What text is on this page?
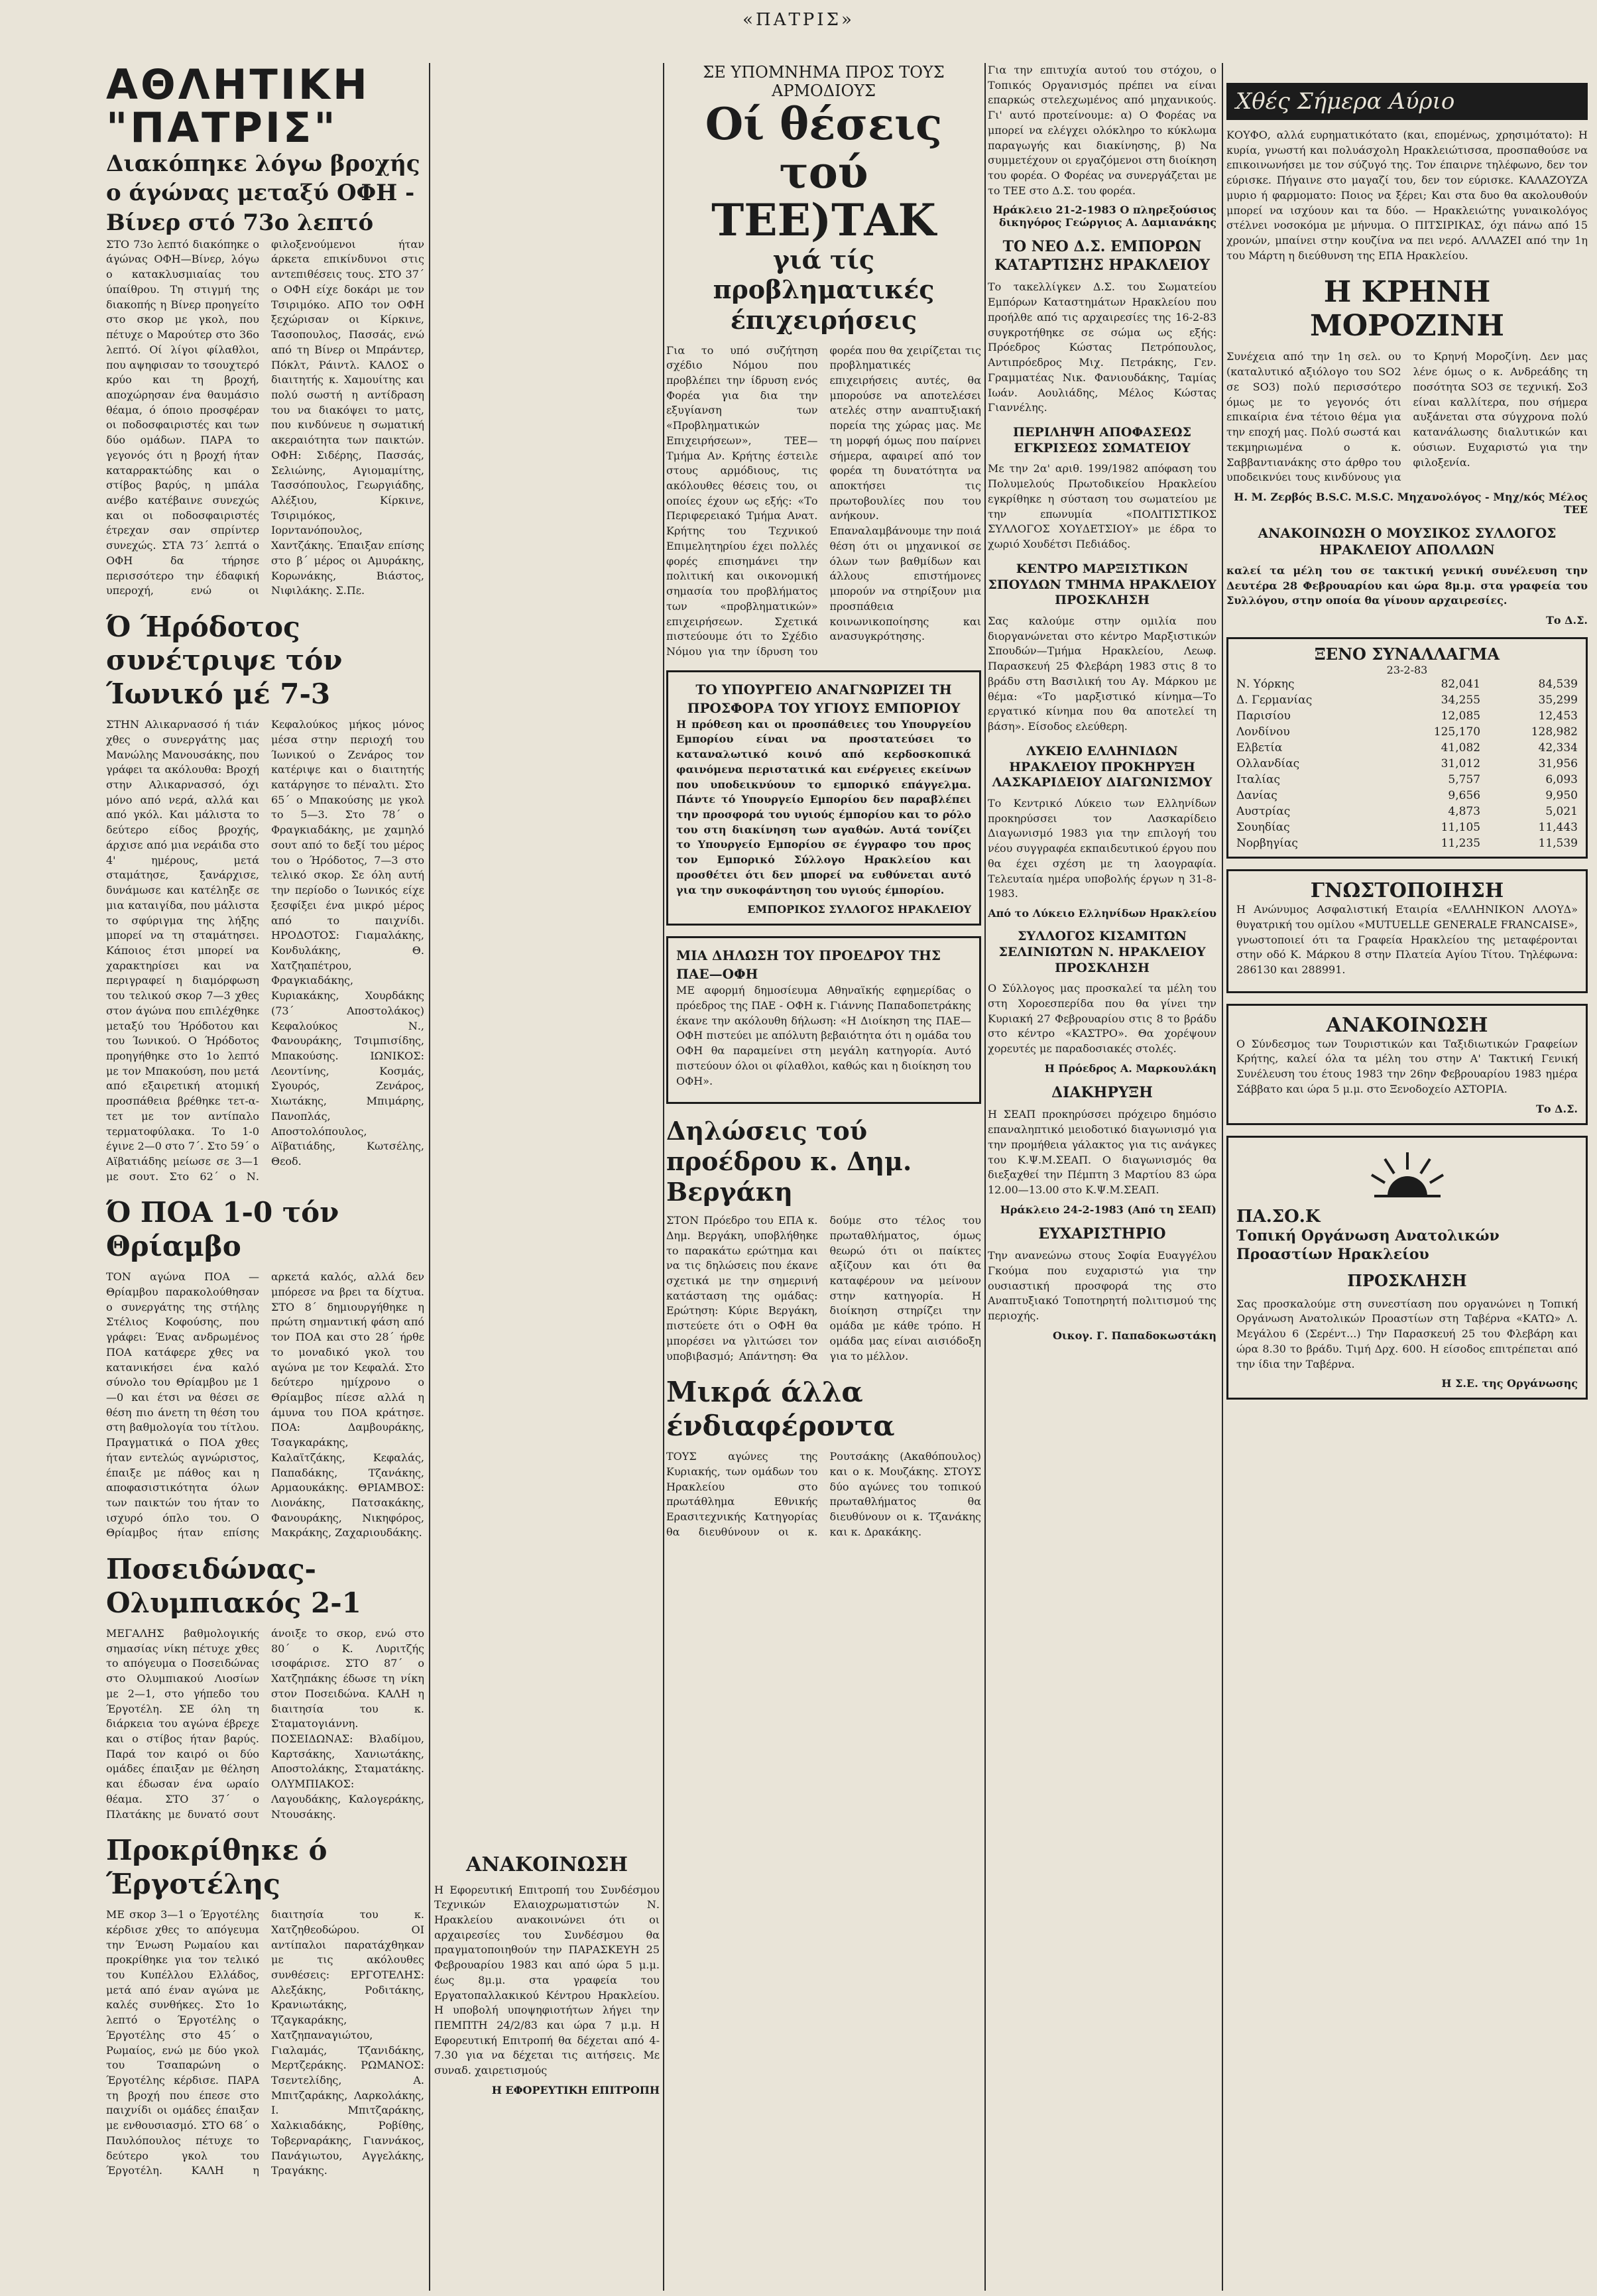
«ΠΑΤΡΙΣ»
ΑΘΛΗΤΙΚΗ "ΠΑΤΡΙΣ"
Διακόπηκε λόγω βροχής ο άγώνας μεταξύ ΟΦΗ - Βίνερ στό 73ο λεπτό

ΣΤΟ 73ο λεπτό διακόπηκε ο άγώνας ΟΦΗ—Βίνερ, λόγω ο κατακλυσμιαίας του ύπαίθρου. Τη στιγμή της διακοπής η Βίνερ προηγείτο στο σκορ με γκολ, που πέτυχε ο Μαρούτερ στο 36ο λεπτό. Οί λίγοι φίλαθλοι, που αψηφισαν το τσουχτερό κρύο και τη βροχή, αποχώρησαν ένα θαυμάσιο θέαμα, ό όποιο προσφέραν οι ποδοσφαιριστές και των δύο ομάδων. ΠΑΡΑ το γεγονός ότι η βροχή ήταν καταρρακτώδης και ο στίβος βαρύς, η μπάλα ανέβο κατέβαινε συνεχώς και οι ποδοσφαιριστές έτρεχαν σαν σπρίντερ συνεχώς. ΣΤΑ 73΄ λεπτά ο ΟΦΗ δα τήρησε περισσότερο την έδαφική υπεροχή, ενώ οι φιλοξενούμενοι ήταν άρκετα επικίνδυνοι στις αντεπιθέσεις τους. ΣΤΟ 37΄ ο ΟΦΗ είχε δοκάρι με τον Τσιριμόκο. ΑΠΟ τον ΟΦΗ ξεχώρισαν οι Κίρκινε, Τασοπουλος, Πασσάς, ενώ από τη Βίνερ οι Μπράντερ, Πόκλτ, Ράιντλ. ΚΑΛΟΣ ο διαιτητής κ. Χαμουίτης και πολύ σωστή η αντίδραση του να διακόψει το ματς, που κινδύνευε η σωματική ακεραιότητα των παικτών. ΟΦΗ: Σιδέρης, Πασσάς, Σελιώνης, Αγιομαμίτης, Τασσόπουλος, Γεωργιάδης, Αλέξιου, Κίρκινε, Τσιριμόκος, Ιορντανόπουλος, Χαντζάκης. Έπαιξαν επίσης στο β΄ μέρος οι Αμυράκης, Κορωνάκης, Βιάστος, Νιφιλάκης. Σ.Πε.

Ό Ήρόδοτος συνέτριψε τόν Ίωνικό μέ 7-3

ΣΤΗΝ Αλικαρνασσό ή τιάν χθες ο συνεργάτης μας Μανώλης Μανουσάκης, που γράφει τα ακόλουθα: Βροχή στην Αλικαρνασσό, όχι μόνο από νερά, αλλά και από γκόλ. Και μάλιστα το δεύτερο είδος βροχής, άρχισε από μια νεράιδα στο 4' ημέρους, μετά σταμάτησε, ξανάρχισε, δυνάμωσε και κατέληξε σε μια καταιγίδα, που μάλιστα το σφύριγμα της λήξης μπορεί να τη σταμάτησει. Κάποιος έτσι μπορεί να χαρακτηρίσει και να περιγραφεί η διαμόρφωση του τελικού σκορ 7—3 χθες στον άγώνα που επιλέχθηκε μεταξύ του Ήρόδοτου και του Ίωνικού. Ο Ήρόδοτος προηγήθηκε στο 1ο λεπτό με τον Μπακούση, που μετά από εξαιρετική ατομική προσπάθεια βρέθηκε τετ-α-τετ με τον αντίπαλο τερματοφύλακα. Το 1-0 έγινε 2—0 στο 7΄. Στο 59΄ ο Αϊβατιάδης μείωσε σε 3—1 με σουτ. Στο 62΄ ο Ν. Κεφαλούκος μήκος μόνος μέσα στην περιοχή του Ίωνικού ο Ζενάρος τον κατέριψε και ο διαιτητής κατάργησε το πέναλτι. Στο 65΄ ο Μπακούσης με γκολ το 5—3. Στο 78΄ ο Φραγκιαδάκης, με χαμηλό σουτ από το δεξί του μέρος του ο Ήρόδοτος, 7—3 στο τελικό σκορ. Σε όλη αυτή την περίοδο ο Ίωνικός είχε ξεσφίξει ένα μικρό μέρος από το παιχνίδι. ΗΡΟΔΟΤΟΣ: Γιαμαλάκης, Κονδυλάκης, Θ. Χατζηαπέτρου, Φραγκιαδάκης, Κυριακάκης, Χουρδάκης (73΄ Αποστολάκος) Κεφαλούκος Ν., Φανουράκης, Τσιμπισίδης, Μπακούσης. ΙΩΝΙΚΟΣ: Λεοντίνης, Κοσμάς, Σγουρός, Ζενάρος, Χιωτάκης, Μπιμάρης, Πανοπλάς, Αποστολόπουλος, Αϊβατιάδης, Κωτσέλης, Θεοδ.

Ό ΠΟΑ 1-0 τόν Θρίαμβο

ΤΟΝ αγώνα ΠΟΑ — Θρίαμβου παρακολούθησαν ο συνεργάτης της στήλης Στέλιος Κοφούσης, που γράφει: Ένας ανδρωμένος ΠΟΑ κατάφερε χθες να κατανικήσει ένα καλό σύνολο του Θρίαμβου με 1—0 και έτσι να θέσει σε θέση πιο άνετη τη θέση του στη βαθμολογία του τίτλου. Πραγματικά ο ΠΟΑ χθες ήταν εντελώς αγνώριστος, έπαιξε με πάθος και η αποφασιστικότητα όλων των παικτών του ήταν το ισχυρό όπλο του. Ο Θρίαμβος ήταν επίσης αρκετά καλός, αλλά δεν μπόρεσε να βρει τα δίχτυα. ΣΤΟ 8΄ δημιουργήθηκε η πρώτη σημαντική φάση από τον ΠΟΑ και στο 28΄ ήρθε το μοναδικό γκολ του αγώνα με τον Κεφαλά. Στο δεύτερο ημίχρονο ο Θρίαμβος πίεσε αλλά η άμυνα του ΠΟΑ κράτησε. ΠΟΑ: Δαμβουράκης, Τσαγκαράκης, Καλαϊτζάκης, Κεφαλάς, Παπαδάκης, Τζανάκης, Αρμαουκάκης. ΘΡΙΑΜΒΟΣ: Λιονάκης, Πατσακάκης, Φανουράκης, Νικηφόρος, Μακράκης, Ζαχαριουδάκης.

Ποσειδώνας-Ολυμπιακός 2-1

ΜΕΓΑΛΗΣ βαθμολογικής σημασίας νίκη πέτυχε χθες το απόγευμα ο Ποσειδώνας στο Ολυμπιακού Λιοσίων με 2—1, στο γήπεδο του Έργοτέλη. ΣΕ όλη τη διάρκεια του αγώνα έβρεχε και ο στίβος ήταν βαρύς. Παρά τον καιρό οι δύο ομάδες έπαιξαν με θέληση και έδωσαν ένα ωραίο θέαμα. ΣΤΟ 37΄ ο Πλατάκης με δυνατό σουτ άνοιξε το σκορ, ενώ στο 80΄ ο Κ. Λυριτζής ισοφάρισε. ΣΤΟ 87΄ ο Χατζηπάκης έδωσε τη νίκη στον Ποσειδώνα. ΚΑΛΗ η διαιτησία του κ. Σταματογιάννη. ΠΟΣΕΙΔΩΝΑΣ: Βλαδίμου, Καρτσάκης, Χανιωτάκης, Αποστολάκης, Σταματάκης. ΟΛΥΜΠΙΑΚΟΣ: Λαγουδάκης, Καλογεράκης, Ντουσάκης.

Προκρίθηκε ό Έργοτέλης

ΜΕ σκορ 3—1 ο Έργοτέλης κέρδισε χθες το απόγευμα την Ένωση Ρωμαίου και προκρίθηκε για τον τελικό του Κυπέλλου Ελλάδος, μετά από έναν αγώνα με καλές συνθήκες. Στο 1ο λεπτό ο Έργοτέλης ο Έργοτέλης στο 45΄ ο Ρωμαίος, ενώ με δύο γκολ του Τσαπαρώνη ο Έργοτέλης κέρδισε. ΠΑΡΑ τη βροχή που έπεσε στο παιχνίδι οι ομάδες έπαιξαν με ενθουσιασμό. ΣΤΟ 68΄ ο Παυλόπουλος πέτυχε το δεύτερο γκολ του Έργοτέλη. ΚΑΛΗ η διαιτησία του κ. Χατζηθεοδώρου. ΟΙ αντίπαλοι παρατάχθηκαν με τις ακόλουθες συνθέσεις: ΕΡΓΟΤΕΛΗΣ: Αλεξάκης, Ροδιτάκης, Κρανιωτάκης, Τζαγκαράκης, Χατζηπαναγιώτου, Γιαλαμάς, Τζανιδάκης, Μερτζεράκης. ΡΩΜΑΝΟΣ: Τσεντελίδης, Α. Μπιτζαράκης, Λαρκολάκης, Ι. Μπιτζαράκης, Χαλκιαδάκης, Ροβίθης, Τοβερναράκης, Γιαννάκος, Πανάγιωτου, Αγγελάκης, Τραγάκης.

ΑΝΑΚΟΙΝΩΣΗ

Η Εφορευτική Επιτροπή του Συνδέσμου Τεχνικών Ελαιοχρωματιστών Ν. Ηρακλείου ανακοινώνει ότι οι αρχαιρεσίες του Συνδέσμου θα πραγματοποιηθούν την ΠΑΡΑΣΚΕΥΗ 25 Φεβρουαρίου 1983 και από ώρα 5 μ.μ. έως 8μ.μ. στα γραφεία του Εργατοπαλλακικού Κέντρου Ηρακλείου. Η υποβολή υποψηφιοτήτων λήγει την ΠΕΜΠΤΗ 24/2/83 και ώρα 7 μ.μ. Η Εφορευτική Επιτροπή θα δέχεται από 4-7.30 για να δέχεται τις αιτήσεις. Με συναδ. χαιρετισμούς

Η ΕΦΟΡΕΥΤΙΚΗ ΕΠΙΤΡΟΠΗ
ΣΕ ΥΠΟΜΝΗΜΑ ΠΡΟΣ ΤΟΥΣ ΑΡΜΟΔΙΟΥΣ
Οί θέσεις τού ΤΕΕ)ΤΑΚ
γιά τίς προβληματικές έπιχειρήσεις

Για το υπό συζήτηση σχέδιο Νόμου που προβλέπει την ίδρυση ενός Φορέα για δια την εξυγίανση των «Προβληματικών Επιχειρήσεων», ΤΕΕ—Τμήμα Αν. Κρήτης έστειλε στους αρμόδιους, τις ακόλουθες θέσεις του, οι οποίες έχουν ως εξής: «Το Περιφερειακό Τμήμα Ανατ. Κρήτης του Τεχνικού Επιμελητηρίου έχει πολλές φορές επισημάνει την πολιτική και οικονομική σημασία του προβλήματος των «προβληματικών» επιχειρήσεων. Σχετικά πιστεύουμε ότι το Σχέδιο Νόμου για την ίδρυση του φορέα που θα χειρίζεται τις προβληματικές επιχειρήσεις αυτές, θα μπορούσε να αποτελέσει ατελές στην αναπτυξιακή πορεία της χώρας μας. Με τη μορφή όμως που παίρνει σήμερα, αφαιρεί από τον φορέα τη δυνατότητα να αποκτήσει τις πρωτοβουλίες που του ανήκουν. Επαναλαμβάνουμε την ποιά θέση ότι οι μηχανικοί σε όλων των βαθμίδων και άλλους επιστήμονες μπορούν να στηρίξουν μια προσπάθεια κοινωνικοποίησης και ανασυγκρότησης.

ΤΟ ΥΠΟΥΡΓΕΙΟ ΑΝΑΓΝΩΡΙΖΕΙ ΤΗ ΠΡΟΣΦΟΡΑ ΤΟΥ ΥΓΙΟΥΣ ΕΜΠΟΡΙΟΥ

Η πρόθεση και οι προσπάθειες του Υπουργείου Εμπορίου είναι να προστατεύσει το καταναλωτικό κοινό από κερδοσκοπικά φαινόμενα περιστατικά και ενέργειες εκείνων που υποδεικνύουν το εμπορικό επάγγελμα. Πάντε τό Υπουργείο Εμπορίου δεν παραβλέπει την προσφορά του υγιούς έμπορίου και το ρόλο του στη διακίνηση των αγαθών. Αυτά τονίζει το Υπουργείο Εμπορίου σε έγγραφο του προς τον Εμπορικό Σύλλογο Ηρακλείου και προσθέτει ότι δεν μπορεί να ευθύνεται αυτό για την συκοφάντηση του υγιούς έμπορίου.

ΕΜΠΟΡΙΚΟΣ ΣΥΛΛΟΓΟΣ ΗΡΑΚΛΕΙΟΥ
ΜΙΑ ΔΗΛΩΣΗ ΤΟΥ ΠΡΟΕΔΡΟΥ ΤΗΣ ΠΑΕ—ΟΦΗ

ΜΕ αφορμή δημοσίευμα Αθηναϊκής εφημερίδας ο πρόεδρος της ΠΑΕ - ΟΦΗ κ. Γιάννης Παπαδοπετράκης έκανε την ακόλουθη δήλωση: «Η Διοίκηση της ΠΑΕ—ΟΦΗ πιστεύει με απόλυτη βεβαιότητα ότι η ομάδα του ΟΦΗ θα παραμείνει στη μεγάλη κατηγορία. Αυτό πιστεύουν όλοι οι φίλαθλοι, καθώς και η διοίκηση του ΟΦΗ».

Δηλώσεις τού προέδρου κ. Δημ. Βεργάκη

ΣΤΟΝ Πρόεδρο του ΕΠΑ κ. Δημ. Βεργάκη, υποβλήθηκε το παρακάτω ερώτημα και να τις δηλώσεις που έκανε σχετικά με την σημερινή κατάσταση της ομάδας: Ερώτηση: Κύριε Βεργάκη, πιστεύετε ότι ο ΟΦΗ θα μπορέσει να γλιτώσει τον υποβιβασμό; Απάντηση: Θα δούμε στο τέλος του πρωταθλήματος, όμως θεωρώ ότι οι παίκτες αξίζουν και ότι θα καταφέρουν να μείνουν στην κατηγορία. Η διοίκηση στηρίζει την ομάδα με κάθε τρόπο. Η ομάδα μας είναι αισιόδοξη για το μέλλον.

Μικρά άλλα ένδιαφέροντα

ΤΟΥΣ αγώνες της Κυριακής, των ομάδων του Ηρακλείου στο πρωτάθλημα Εθνικής Ερασιτεχνικής Κατηγορίας θα διευθύνουν οι κ. Ρουτσάκης (Ακαθόπουλος) και ο κ. Μουζάκης. ΣΤΟΥΣ δύο αγώνες του τοπικού πρωταθλήματος θα διευθύνουν οι κ. Τζανάκης και κ. Δρακάκης.

Για την επιτυχία αυτού του στόχου, ο Τοπικός Οργανισμός πρέπει να είναι επαρκώς στελεχωμένος από μηχανικούς. Γι' αυτό προτείνουμε: α) Ο Φορέας να μπορεί να ελέγχει ολόκληρο το κύκλωμα παραγωγής και διακίνησης, β) Να συμμετέχουν οι εργαζόμενοι στη διοίκηση του φορέα. Ο Φορέας να συνεργάζεται με το ΤΕΕ στο Δ.Σ. του φορέα.

Ηράκλειο 21-2-1983 Ο πληρεξούσιος δικηγόρος Γεώργιος Α. Δαμιανάκης
ΤΟ ΝΕΟ Δ.Σ. ΕΜΠΟΡΩΝ ΚΑΤΑΡΤΙΣΗΣ ΗΡΑΚΛΕΙΟΥ

Το τακελλίγκεν Δ.Σ. του Σωματείου Εμπόρων Καταστημάτων Ηρακλείου που προήλθε από τις αρχαιρεσίες της 16-2-83 συγκροτήθηκε σε σώμα ως εξής: Πρόεδρος Κώστας Πετρόπουλος, Αντιπρόεδρος Μιχ. Πετράκης, Γεν. Γραμματέας Νικ. Φανιουδάκης, Ταμίας Ιωάν. Αουλιάδης, Μέλος Κώστας Γιαννέλης.

ΠΕΡΙΛΗΨΗ ΑΠΟΦΑΣΕΩΣ ΕΓΚΡΙΣΕΩΣ ΣΩΜΑΤΕΙΟΥ

Με την 2α' αριθ. 199/1982 απόφαση του Πολυμελούς Πρωτοδικείου Ηρακλείου εγκρίθηκε η σύσταση του σωματείου με την επωνυμία «ΠΟΛΙΤΙΣΤΙΚΟΣ ΣΥΛΛΟΓΟΣ ΧΟΥΔΕΤΣΙΟΥ» με έδρα το χωριό Χουδέτσι Πεδιάδος.

ΚΕΝΤΡΟ ΜΑΡΞΙΣΤΙΚΩΝ ΣΠΟΥΔΩΝ ΤΜΗΜΑ ΗΡΑΚΛΕΙΟΥ ΠΡΟΣΚΛΗΣΗ

Σας καλούμε στην ομιλία που διοργανώνεται στο κέντρο Μαρξιστικών Σπουδών—Τμήμα Ηρακλείου, Λεωφ. Παρασκευή 25 Φλεβάρη 1983 στις 8 το βράδυ στη Βασιλική του Αγ. Μάρκου με θέμα: «Το μαρξιστικό κίνημα—Το εργατικό κίνημα που θα αποτελεί τη βάση». Είσοδος ελεύθερη.

ΛΥΚΕΙΟ ΕΛΛΗΝΙΔΩΝ ΗΡΑΚΛΕΙΟΥ ΠΡΟΚΗΡΥΞΗ ΛΑΣΚΑΡΙΔΕΙΟΥ ΔΙΑΓΩΝΙΣΜΟΥ

Το Κεντρικό Λύκειο των Ελληνίδων προκηρύσσει τον Λασκαρίδειο Διαγωνισμό 1983 για την επιλογή του νέου συγγραφέα εκπαιδευτικού έργου που θα έχει σχέση με τη λαογραφία. Τελευταία ημέρα υποβολής έργων η 31-8-1983.

Από το Λύκειο Ελληνίδων Ηρακλείου
ΣΥΛΛΟΓΟΣ ΚΙΣΑΜΙΤΩΝ ΣΕΛΙΝΙΩΤΩΝ Ν. ΗΡΑΚΛΕΙΟΥ ΠΡΟΣΚΛΗΣΗ

Ο Σύλλογος μας προσκαλεί τα μέλη του στη Χοροεσπερίδα που θα γίνει την Κυριακή 27 Φεβρουαρίου στις 8 το βράδυ στο κέντρο «ΚΑΣΤΡΟ». Θα χορέψουν χορευτές με παραδοσιακές στολές.

Η Πρόεδρος Α. Μαρκουλάκη
ΔΙΑΚΗΡΥΞΗ

Η ΣΕΑΠ προκηρύσσει πρόχειρο δημόσιο επαναληπτικό μειοδοτικό διαγωνισμό για την προμήθεια γάλακτος για τις ανάγκες του Κ.Ψ.Μ.ΣΕΑΠ. Ο διαγωνισμός θα διεξαχθεί την Πέμπτη 3 Μαρτίου 83 ώρα 12.00—13.00 στο Κ.Ψ.Μ.ΣΕΑΠ.

Ηράκλειο 24-2-1983 (Από τη ΣΕΑΠ)
ΕΥΧΑΡΙΣΤΗΡΙΟ

Την ανανεώνω στους Σοφία Ευαγγέλου Γκούμα που ευχαριστώ για την ουσιαστική προσφορά της στο Αναπτυξιακό Τοποτηρητή πολιτισμού της περιοχής.

Οικογ. Γ. Παπαδοκωστάκη
Χθές Σήμερα Αύριο

ΚΟΥΦΟ, αλλά ευρηματικότατο (και, επομένως, χρησιμότατο): Η κυρία, γνωστή και πολυάσχολη Ηρακλειώτισσα, προσπαθούσε να επικοινωνήσει με τον σύζυγό της. Τον έπαιρνε τηλέφωνο, δεν τον εύρισκε. Πήγαινε στο μαγαζί του, δεν τον εύρισκε. ΚΑΛΑΖΟΥΖΑ μυριο ή φαρμοματο: Ποιος να ξέρει; Και στα δυο θα ακολουθούν μπορεί να ισχύουν και τα δύο. — Ηρακλειώτης γυναικολόγος στέλνει νοσοκόμα με μήνυμα. Ο ΠΙΤΣΙΡΙΚΑΣ, όχι πάνω από 15 χρονών, μπαίνει στην κουζίνα να πει νερό. ΑΛΛΑΖΕΙ από την 1η του Μάρτη η διεύθυνση της ΕΠΑ Ηρακλείου.

Η ΚΡΗΝΗ ΜΟΡΟΖΙΝΗ

Συνέχεια από την 1η σελ. ου (καταλυτικό αξιόλογο του SO2 σε SO3) πολύ περισσότερο όμως με το γεγονός ότι επικαίρια ένα τέτοιο θέμα για την εποχή μας. Πολύ σωστά και τεκμηριωμένα ο κ. Σαββαντιανάκης στο άρθρο του υποδεικνύει τους κινδύνους για το Κρηνή Μοροζίνη. Δεν μας λένε όμως ο κ. Ανδρεάδης τη ποσότητα SO3 σε τεχνική. Σο3 είναι καλλίτερα, που σήμερα αυξάνεται στα σύγχρονα πολύ κατανάλωσης διαλυτικών και ούσιων. Ευχαριστώ για την φιλοξενία.

Η. Μ. Ζερβός B.S.C. M.S.C. Μηχανολόγος - Μηχ/κός Μέλος ΤΕΕ
ΑΝΑΚΟΙΝΩΣΗ Ο ΜΟΥΣΙΚΟΣ ΣΥΛΛΟΓΟΣ ΗΡΑΚΛΕΙΟΥ ΑΠΟΛΛΩΝ

καλεί τα μέλη του σε τακτική γενική συνέλευση την Δευτέρα 28 Φεβρουαρίου και ώρα 8μ.μ. στα γραφεία του Συλλόγου, στην οποία θα γίνουν αρχαιρεσίες.

Το Δ.Σ.
ΞΕΝΟ ΣΥΝΑΛΛΑΓΜΑ
23-2-83
Ν. Υόρκης	82,041	84,539
Δ. Γερμανίας	34,255	35,299
Παρισίου	12,085	12,453
Λονδίνου	125,170	128,982
Ελβετία	41,082	42,334
Ολλανδίας	31,012	31,956
Ιταλίας	5,757	6,093
Δανίας	9,656	9,950
Αυστρίας	4,873	5,021
Σουηδίας	11,105	11,443
Νορβηγίας	11,235	11,539
ΓΝΩΣΤΟΠΟΙΗΣΗ

Η Ανώνυμος Ασφαλιστική Εταιρία «ΕΛΛΗΝΙΚΟΝ ΛΛΟΥΔ» θυγατρική του ομίλου «MUTUELLE GENERALE FRANCAISE», γνωστοποιεί ότι τα Γραφεία Ηρακλείου της μεταφέρονται στην οδό Κ. Μάρκου 8 στην Πλατεία Αγίου Τίτου. Τηλέφωνα: 286130 και 288991.

ΑΝΑΚΟΙΝΩΣΗ

Ο Σύνδεσμος των Τουριστικών και Ταξιδιωτικών Γραφείων Κρήτης, καλεί όλα τα μέλη του στην Α' Τακτική Γενική Συνέλευση του έτους 1983 την 26ην Φεβρουαρίου 1983 ημέρα Σάββατο και ώρα 5 μ.μ. στο Ξενοδοχείο ΑΣΤΟΡΙΑ.

Το Δ.Σ.
ΠΑ.ΣΟ.Κ
Τοπική Οργάνωση Ανατολικών Προαστίων Ηρακλείου
ΠΡΟΣΚΛΗΣΗ

Σας προσκαλούμε στη συνεστίαση που οργανώνει η Τοπική Οργάνωση Ανατολικών Προαστίων στη Ταβέρνα «ΚΑΤΩ» Λ. Μεγάλου 6 (Σερέντ...) Την Παρασκευή 25 του Φλεβάρη και ώρα 8.30 το βράδυ. Τιμή Δρχ. 600. Η είσοδος επιτρέπεται από την ίδια την Ταβέρνα.

Η Σ.Ε. της Οργάνωσης
